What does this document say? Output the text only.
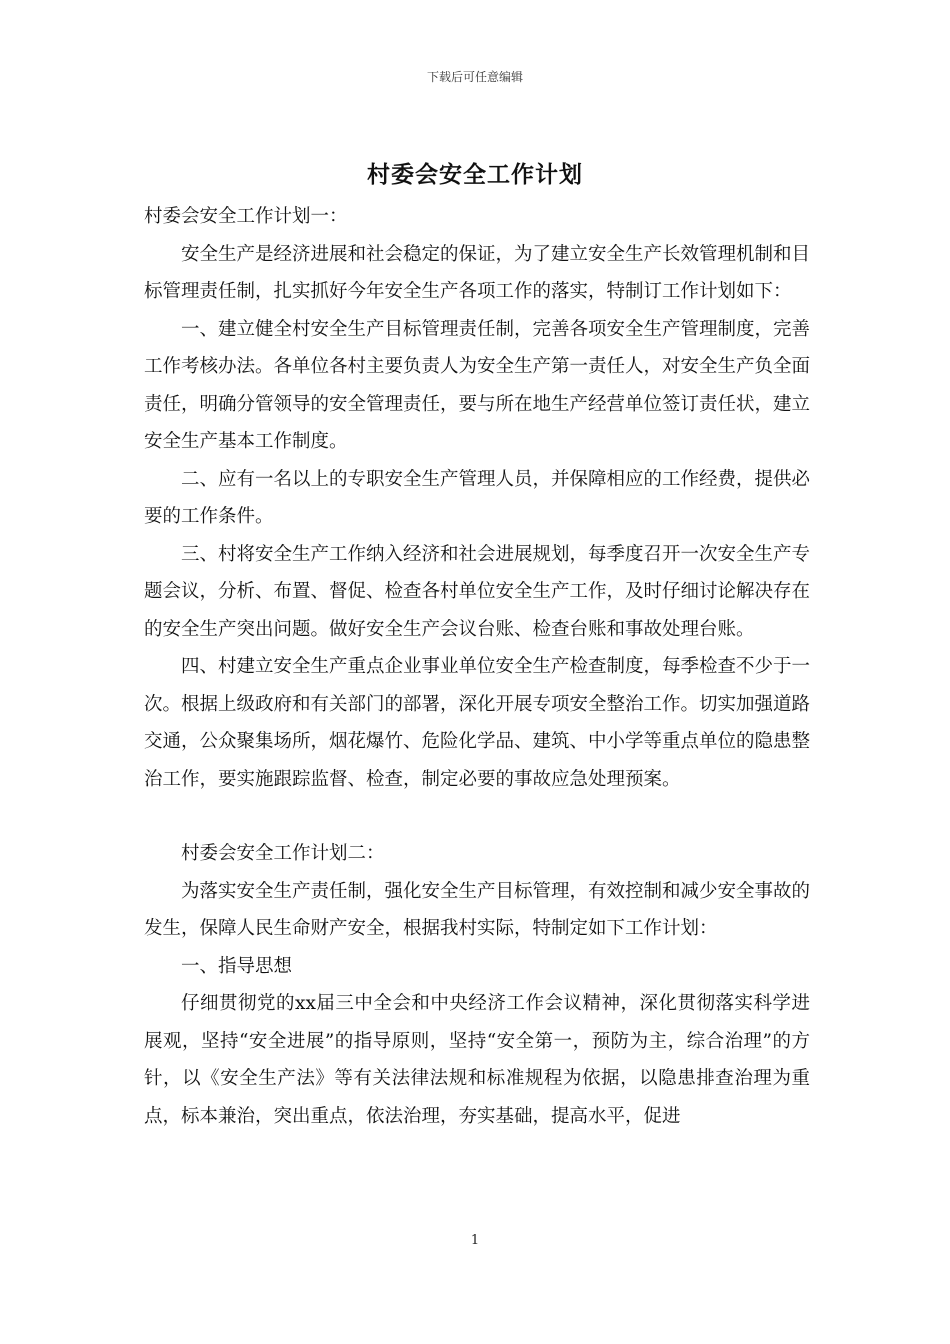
下载后可任意编辑
村委会安全工作计划

村委会安全工作计划一：

安全生产是经济进展和社会稳定的保证，为了建立安全生产长效管理机制和目标管理责任制，扎实抓好今年安全生产各项工作的落实，特制订工作计划如下：

一、建立健全村安全生产目标管理责任制，完善各项安全生产管理制度，完善工作考核办法。各单位各村主要负责人为安全生产第一责任人，对安全生产负全面责任，明确分管领导的安全管理责任，要与所在地生产经营单位签订责任状，建立安全生产基本工作制度。

二、应有一名以上的专职安全生产管理人员，并保障相应的工作经费，提供必要的工作条件。

三、村将安全生产工作纳入经济和社会进展规划，每季度召开一次安全生产专题会议，分析、布置、督促、检查各村单位安全生产工作，及时仔细讨论解决存在的安全生产突出问题。做好安全生产会议台账、检查台账和事故处理台账。

四、村建立安全生产重点企业事业单位安全生产检查制度，每季检查不少于一次。根据上级政府和有关部门的部署，深化开展专项安全整治工作。切实加强道路交通，公众聚集场所，烟花爆竹、危险化学品、建筑、中小学等重点单位的隐患整治工作，要实施跟踪监督、检查，制定必要的事故应急处理预案。

村委会安全工作计划二：

为落实安全生产责任制，强化安全生产目标管理，有效控制和减少安全事故的发生，保障人民生命财产安全，根据我村实际，特制定如下工作计划：

一、指导思想

仔细贯彻党的xx届三中全会和中央经济工作会议精神，深化贯彻落实科学进展观，坚持“安全进展”的指导原则，坚持“安全第一，预防为主，综合治理”的方针，以《安全生产法》等有关法律法规和标准规程为依据，以隐患排查治理为重点，标本兼治，突出重点，依法治理，夯实基础，提高水平，促进

1
